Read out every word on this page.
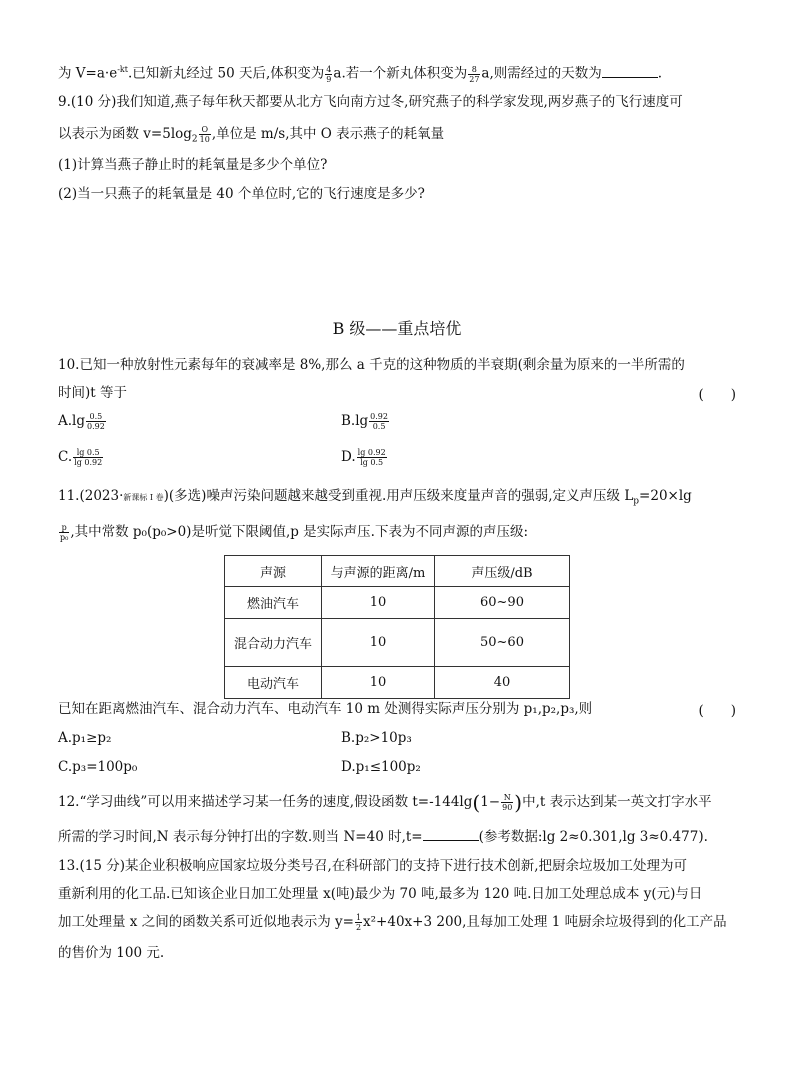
为 $V=a\cdot e^{-kt}$.已知新丸经过 50 天后,体积变为 $\frac{4}{9} a$.若一个新丸体积变为 $\frac{8}{27} a$,则需经过的天数为	.
9.(10 分)我们知道,燕子每年秋天都要从北方飞向南方过冬,研究燕子的科学家发现,两岁燕子的飞行速度可
以表示为函数 $v=5\log_2 \frac{O}{10}$ ,单位是 m/s,其中 O 表示燕子的耗氧量
(1)计算当燕子静止时的耗氧量是多少个单位?
(2)当一只燕子的耗氧量是 40 个单位时,它的飞行速度是多少?
B 级——重点培优
10.已知一种放射性元素每年的衰减率是 8%,那么 a 千克的这种物质的半衰期(剩余量为原来的一半所需的
时间)t 等于	(　　)
$A.\lg \frac{0.5}{0.92}$	$B.\lg \frac{0.92}{0.5}$
C. $\frac{\lg 0.5}{\lg 0.92}$	D. $\frac{\lg 0.92}{\lg 0.5}$
11.(2023·新课标 Ⅰ 卷)(多选)噪声污染问题越来越受到重视.用声压级来度量声音的强弱,定义声压级 $L_p=20\times\lg$
$\frac{p}{\text{p₀}}$ ,其中常数 p₀(p₀>0)是听觉下限阈值,p 是实际声压.下表为不同声源的声压级:
声源	与声源的距离/m	声压级/dB
燃油汽车	10	60~90
混合动力汽车	10	50~60
电动汽车	10	40
已知在距离燃油汽车、混合动力汽车、电动汽车 10 m 处测得实际声压分别为 p₁,p₂,p₃,则	(　　)
A.p₁≥p₂	B.p₂>10p₃
C.p₃=100p₀	D.p₁≤100p₂
12.“学习曲线”可以用来描述学习某一任务的速度,假设函数 $t=-144\lg(1- \frac{N}{90}$ )中,t 表示达到某一英文打字水平
所需的学习时间,N 表示每分钟打出的字数.则当 N=40 时,t=	(参考数据:lg 2≈0.301,lg 3≈0.477).
13.(15 分)某企业积极响应国家垃圾分类号召,在科研部门的支持下进行技术创新,把厨余垃圾加工处理为可
重新利用的化工品.已知该企业日加工处理量 x(吨)最少为 70 吨,最多为 120 吨.日加工处理总成本 y(元)与日
加工处理量 x 之间的函数关系可近似地表示为 $y= \frac{1}{2} x^2+40x+3$ 200,且每加工处理 1 吨厨余垃圾得到的化工产品
的售价为 100 元.
